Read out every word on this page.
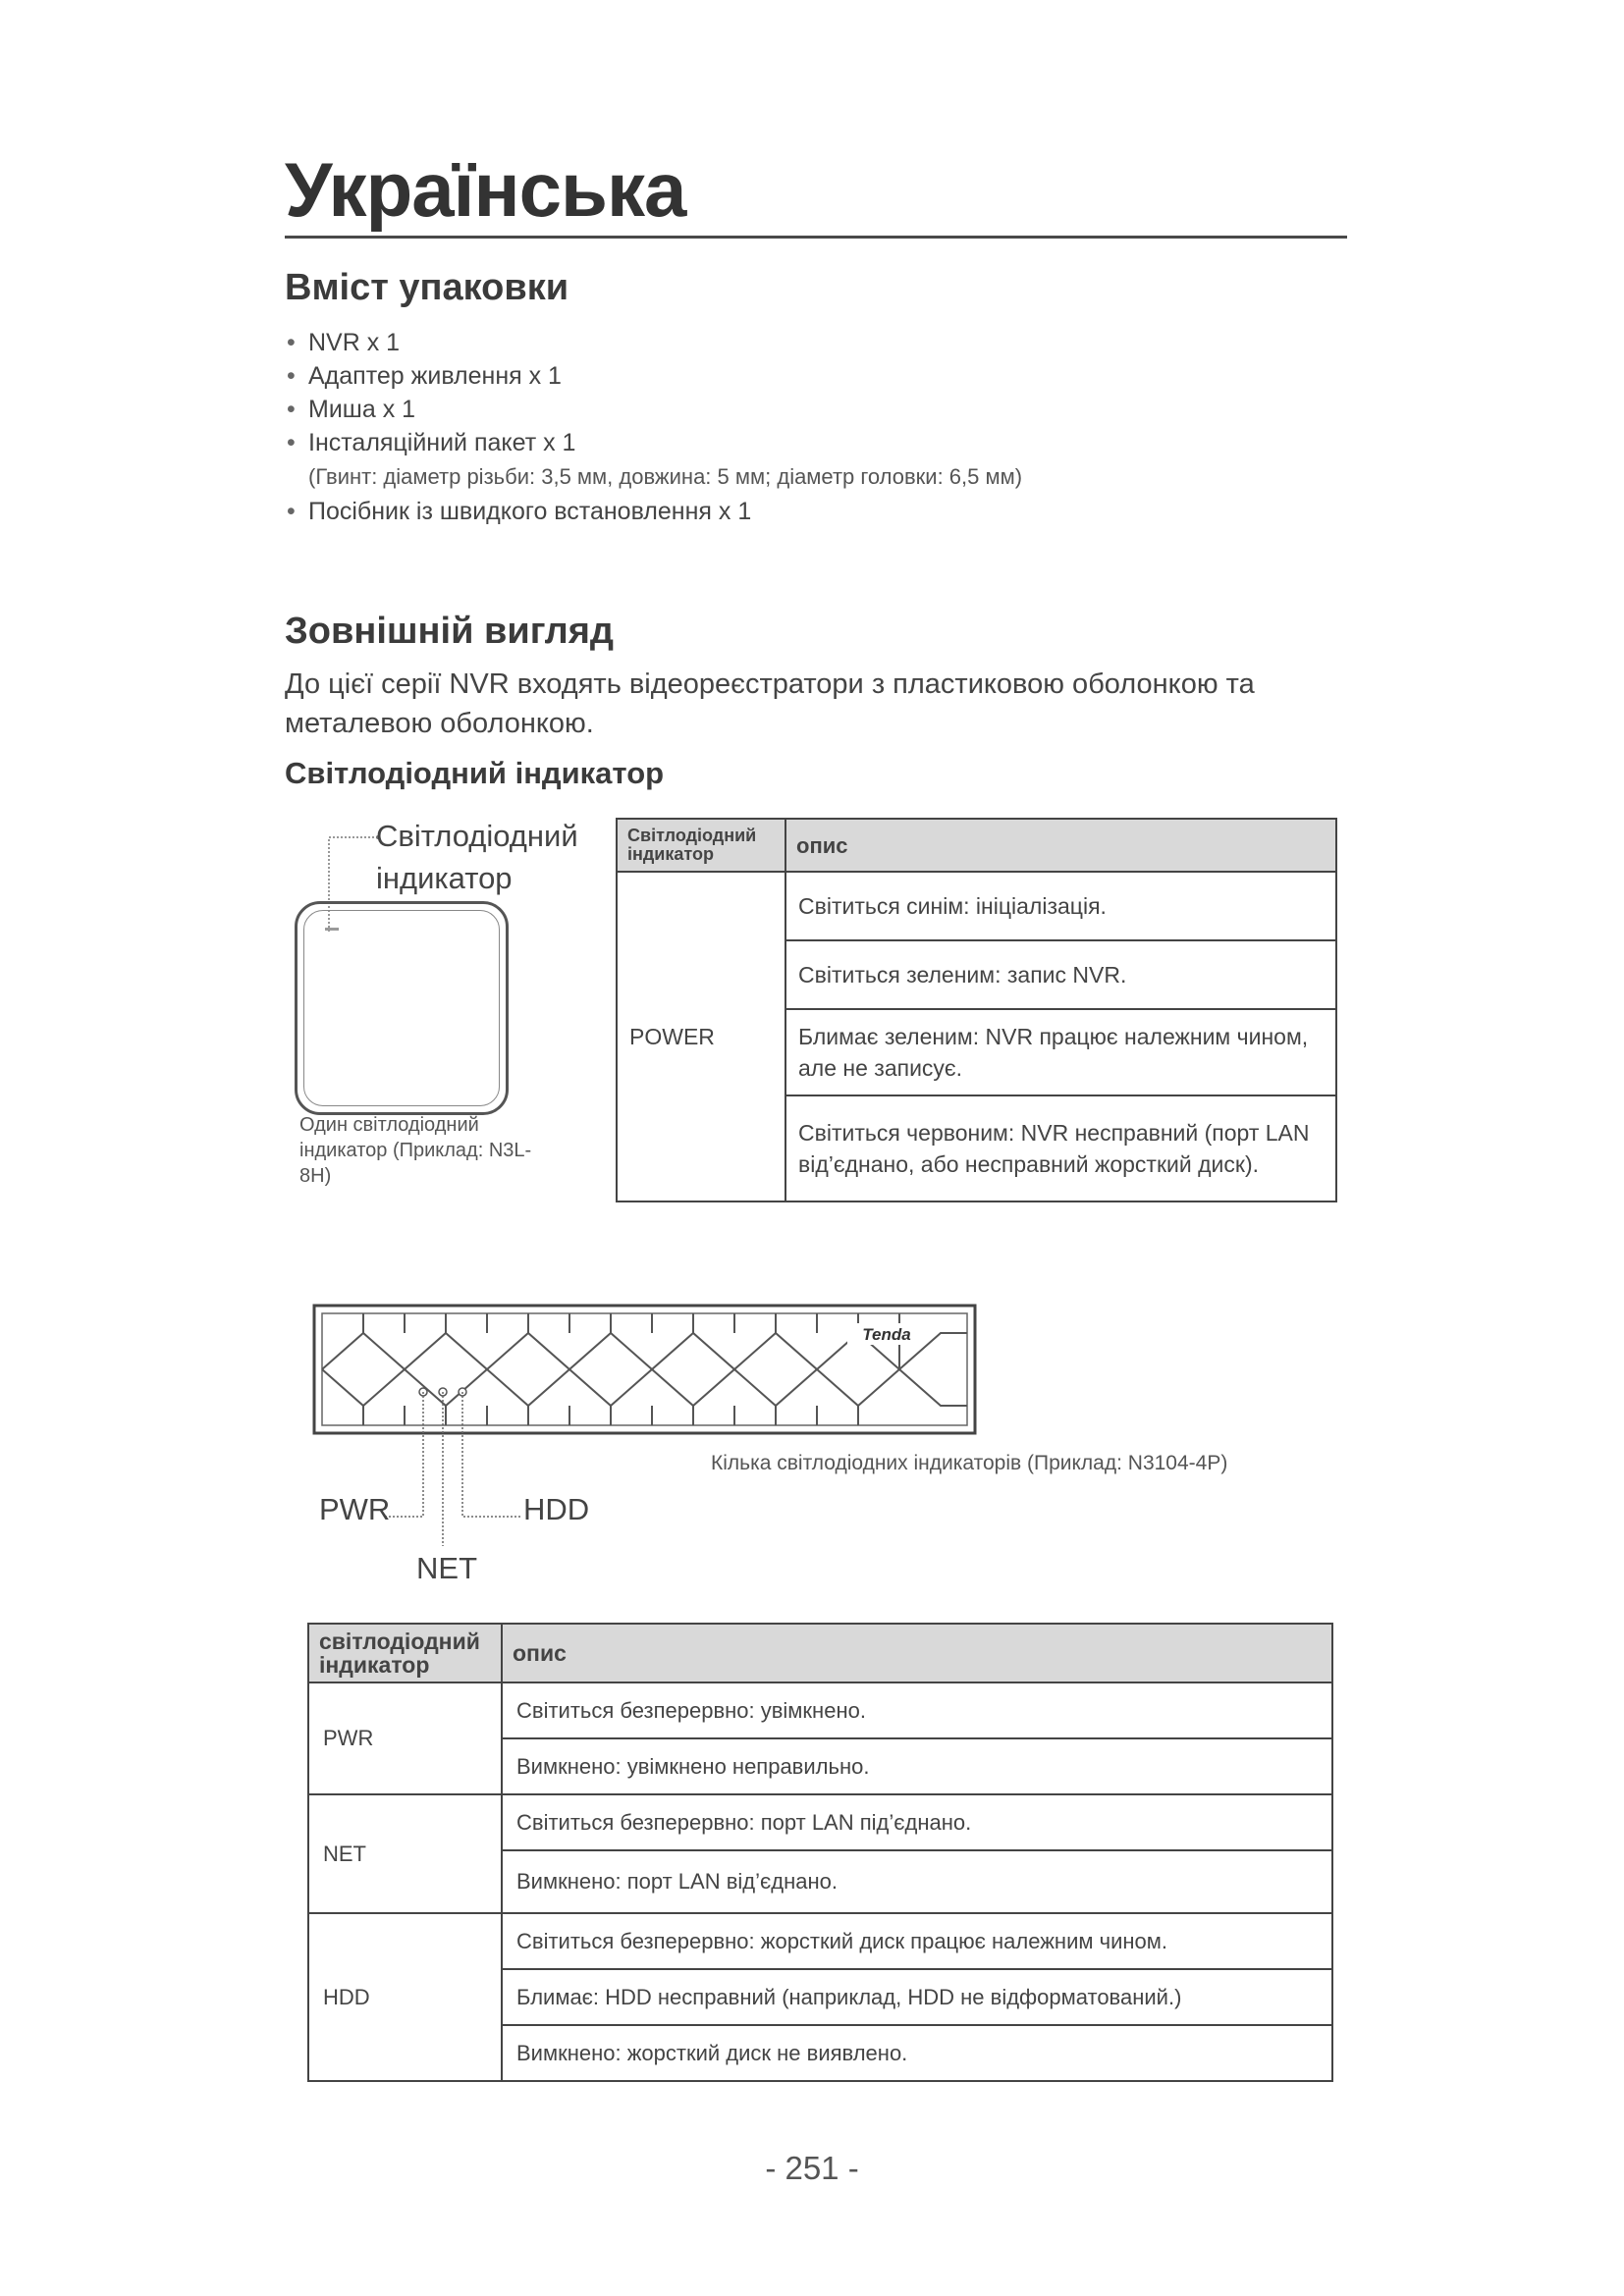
Українська
Вміст упаковки
• NVR x 1
• Адаптер живлення x 1
• Миша x 1
• Інсталяційний пакет x 1
(Гвинт: діаметр різьби: 3,5 мм, довжина: 5 мм; діаметр головки: 6,5 мм)
• Посібник із швидкого встановлення x 1
Зовнішній вигляд
До цієї серії NVR входять відеореєстратори з пластиковою оболонкою та металевою оболонкою.
Світлодіодний індикатор
Світлодіодний
індикатор
Один світлодіодний індикатор (Приклад: N3L-8H)
Світлодіодний
індикатор	опис
POWER	Світиться синім: ініціалізація.
	Світиться зеленим: запис NVR.
	Блимає зеленим: NVR працює належним чином, але не записує.
	Світиться червоним: NVR несправний (порт LAN від’єднано, або несправний жорсткий диск).
Tenda
PWR	HDD
NET
Кілька світлодіодних індикаторів (Приклад: N3104-4P)
світлодіодний
індикатор	опис
PWR	Світиться безперервно: увімкнено.
	Вимкнено: увімкнено неправильно.
NET	Світиться безперервно: порт LAN під’єднано.
	Вимкнено: порт LAN від’єднано.
HDD	Світиться безперервно: жорсткий диск працює належним чином.
	Блимає: HDD несправний (наприклад, HDD не відформатований.)
	Вимкнено: жорсткий диск не виявлено.
- 251 -
